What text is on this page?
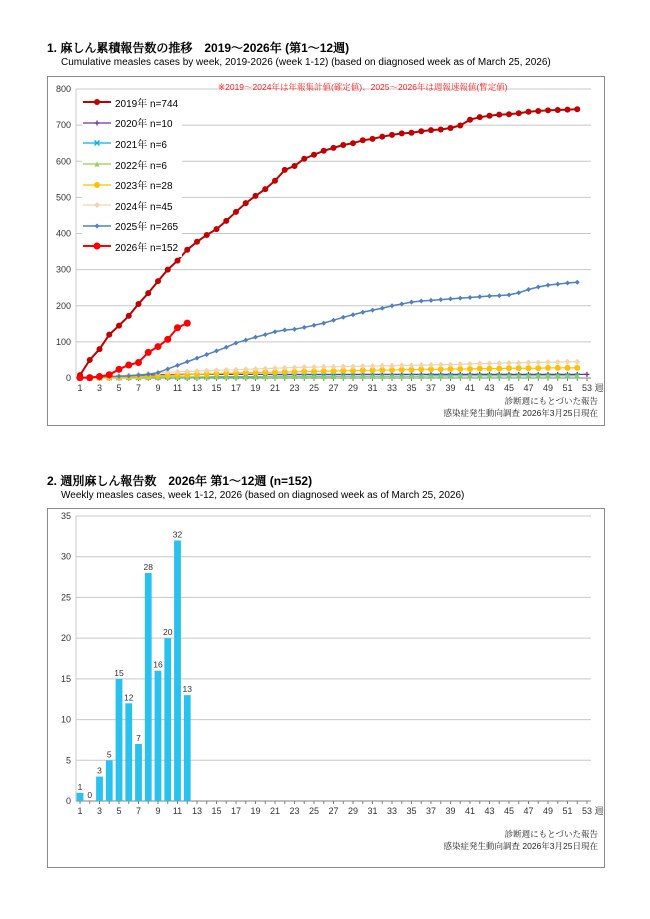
1. 麻しん累積報告数の推移　2019～2026年 (第1～12週)
Cumulative measles cases by week, 2019-2026 (week 1-12) (based on diagnosed week as of March 25, 2026)
※2019～2024年は年報集計値(確定値)、2025～2026年は週報速報値(暫定値)
0
100
200
300
400
500
600
700
800
1 3 5 7 9 11 13 15 17 19 21 23 25 27 29 31 33 35 37 39 41 43 45 47 49 51 53 週
2019年 n=744
2020年 n=10
2021年 n=6
2022年 n=6
2023年 n=28
2024年 n=45
2025年 n=265
2026年 n=152
診断週にもとづいた報告
感染症発生動向調査 2026年3月25日現在
2. 週別麻しん報告数　2026年 第1～12週 (n=152)
Weekly measles cases, week 1-12, 2026 (based on diagnosed week as of March 25, 2026)
0
5
10
15
20
25
30
35
1 3 5 7 9 11 13 15 17 19 21 23 25 27 29 31 33 35 37 39 41 43 45 47 49 51 53 週
1
0
3
5
15
12
7
28
16
20
32
13
診断週にもとづいた報告
感染症発生動向調査 2026年3月25日現在
